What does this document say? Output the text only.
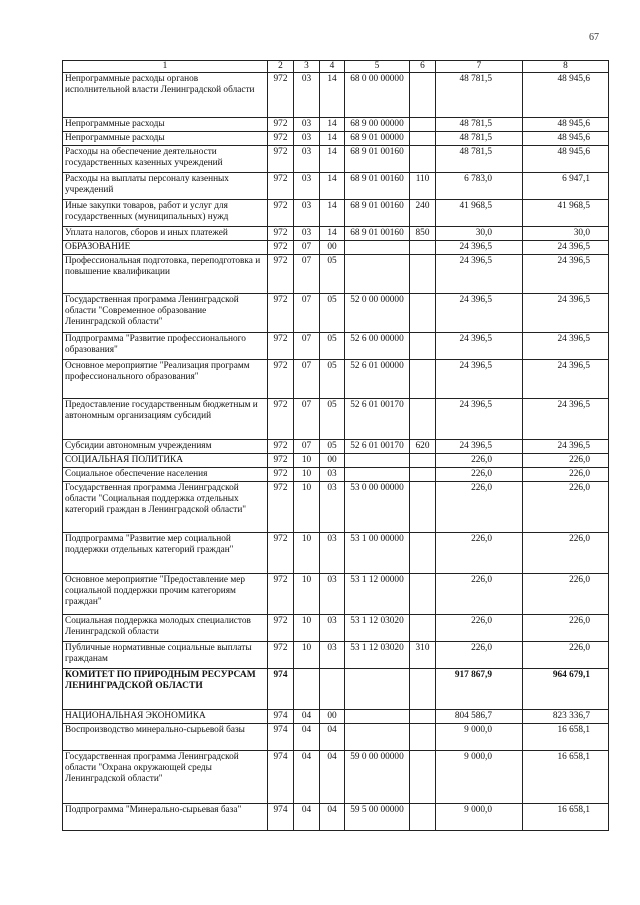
67
1	2	3	4	5	6	7	8
Непрограммные расходы органов исполнительной власти Ленинградской области	972	03	14	68 0 00 00000		48 781,5	48 945,6
Непрограммные расходы	972	03	14	68 9 00 00000		48 781,5	48 945,6
Непрограммные расходы	972	03	14	68 9 01 00000		48 781,5	48 945,6
Расходы на обеспечение деятельности государственных казенных учреждений	972	03	14	68 9 01 00160		48 781,5	48 945,6
Расходы на выплаты персоналу казенных учреждений	972	03	14	68 9 01 00160	110	6 783,0	6 947,1
Иные закупки товаров, работ и услуг для государственных (муниципальных) нужд	972	03	14	68 9 01 00160	240	41 968,5	41 968,5
Уплата налогов, сборов и иных платежей	972	03	14	68 9 01 00160	850	30,0	30,0
ОБРАЗОВАНИЕ	972	07	00			24 396,5	24 396,5
Профессиональная подготовка, переподготовка и повышение квалификации	972	07	05			24 396,5	24 396,5
Государственная программа Ленинградской области "Современное образование Ленинградской области"	972	07	05	52 0 00 00000		24 396,5	24 396,5
Подпрограмма "Развитие профессионального образования"	972	07	05	52 6 00 00000		24 396,5	24 396,5
Основное мероприятие "Реализация программ профессионального образования"	972	07	05	52 6 01 00000		24 396,5	24 396,5
Предоставление государственным бюджетным и автономным организациям субсидий	972	07	05	52 6 01 00170		24 396,5	24 396,5
Субсидии автономным учреждениям	972	07	05	52 6 01 00170	620	24 396,5	24 396,5
СОЦИАЛЬНАЯ ПОЛИТИКА	972	10	00			226,0	226,0
Социальное обеспечение населения	972	10	03			226,0	226,0
Государственная программа Ленинградской области "Социальная поддержка отдельных категорий граждан в Ленинградской области"	972	10	03	53 0 00 00000		226,0	226,0
Подпрограмма "Развитие мер социальной поддержки отдельных категорий граждан"	972	10	03	53 1 00 00000		226,0	226,0
Основное мероприятие "Предоставление мер социальной поддержки прочим категориям граждан"	972	10	03	53 1 12 00000		226,0	226,0
Социальная поддержка молодых специалистов Ленинградской области	972	10	03	53 1 12 03020		226,0	226,0
Публичные нормативные социальные выплаты гражданам	972	10	03	53 1 12 03020	310	226,0	226,0
КОМИТЕТ ПО ПРИРОДНЫМ РЕСУРСАМ ЛЕНИНГРАДСКОЙ ОБЛАСТИ	974					917 867,9	964 679,1
НАЦИОНАЛЬНАЯ ЭКОНОМИКА	974	04	00			804 586,7	823 336,7
Воспроизводство минерально-сырьевой базы	974	04	04			9 000,0	16 658,1
Государственная программа Ленинградской области "Охрана окружающей среды Ленинградской области"	974	04	04	59 0 00 00000		9 000,0	16 658,1
Подпрограмма "Минерально-сырьевая база"	974	04	04	59 5 00 00000		9 000,0	16 658,1
